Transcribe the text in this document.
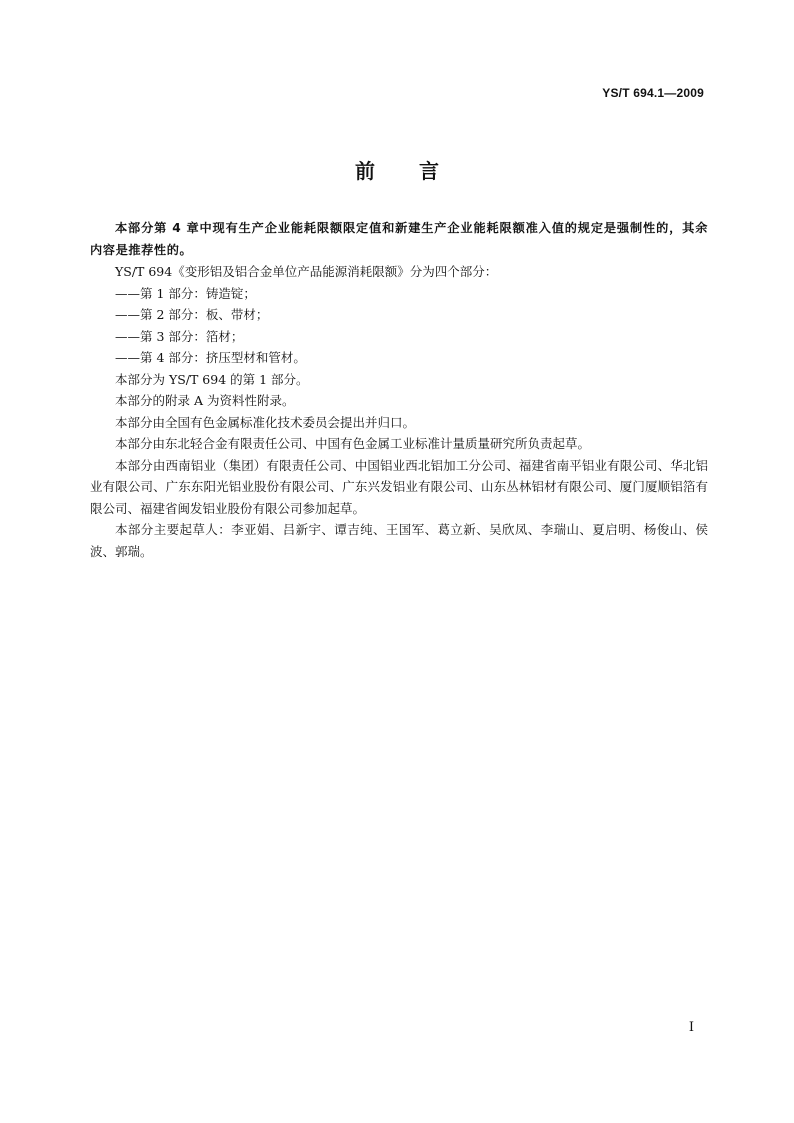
YS/T 694.1—2009
前 言

本部分第 4 章中现有生产企业能耗限额限定值和新建生产企业能耗限额准入值的规定是强制性的，其余内容是推荐性的。

YS/T 694《变形铝及铝合金单位产品能源消耗限额》分为四个部分：

——第 1 部分：铸造锭；

——第 2 部分：板、带材；

——第 3 部分：箔材；

——第 4 部分：挤压型材和管材。

本部分为 YS/T 694 的第 1 部分。

本部分的附录 A 为资料性附录。

本部分由全国有色金属标准化技术委员会提出并归口。

本部分由东北轻合金有限责任公司、中国有色金属工业标准计量质量研究所负责起草。

本部分由西南铝业（集团）有限责任公司、中国铝业西北铝加工分公司、福建省南平铝业有限公司、华北铝业有限公司、广东东阳光铝业股份有限公司、广东兴发铝业有限公司、山东丛林铝材有限公司、厦门厦顺铝箔有限公司、福建省闽发铝业股份有限公司参加起草。

本部分主要起草人：李亚娟、吕新宇、谭吉纯、王国军、葛立新、吴欣凤、李瑞山、夏启明、杨俊山、侯波、郭瑞。

I
